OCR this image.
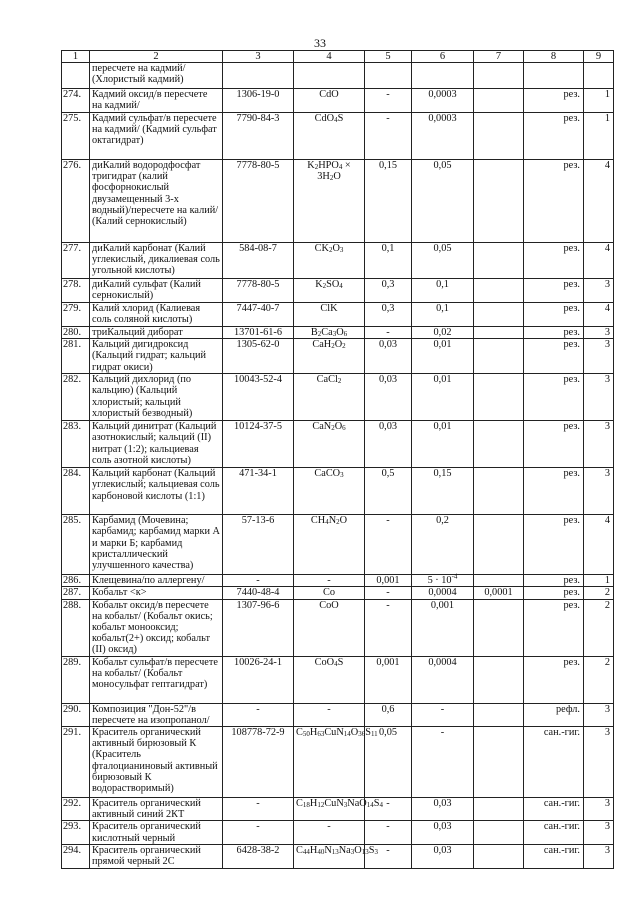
33
1	2	3	4	5	6	7	8	9
	пересчете на кадмий/ (Хлористый кадмий)							
274.	Кадмий оксид/в пересчете на кадмий/	1306-19-0	CdO	-	0,0003		рез.	1
275.	Кадмий сульфат/в пересчете на кадмий/ (Кадмий сульфат октагидрат)	7790-84-3	CdO$_4$S	-	0,0003		рез.	1
276.	диКалий водородфосфат тригидрат (калий фосфорнокислый двузамещенный 3-х водный)/пересчете на калий/ (Калий сернокислый)	7778-80-5	$K_2HPO_4 \times 3H_2O$	0,15	0,05		рез.	4
277.	диКалий карбонат (Калий углекислый, дикалиевая соль угольной кислоты)	584-08-7	$CK_2O_3$	0,1	0,05		рез.	4
278.	диКалий сульфат (Калий сернокислый)	7778-80-5	$K_2SO_4$	0,3	0,1		рез.	3
279.	Калий хлорид (Калиевая соль соляной кислоты)	7447-40-7	ClK	0,3	0,1		рез.	4
280.	триКальций диборат	13701-61-6	$B_2Ca_3O_6$	-	0,02		рез.	3
281.	Кальций дигидроксид (Кальций гидрат; кальций гидрат окиси)	1305-62-0	$CaH_2O_2$	0,03	0,01		рез.	3
282.	Кальций дихлорид (по кальцию) (Кальций хлористый; кальций хлористый безводный)	10043-52-4	CaCl$_2$	0,03	0,01		рез.	3
283.	Кальций динитрат (Кальций азотнокислый; кальций (II) нитрат (1:2); кальциевая соль азотной кислоты)	10124-37-5	$CaN_2O_6$	0,03	0,01		рез.	3
284.	Кальций карбонат (Кальций углекислый; кальциевая соль карбоновой кислоты (1:1)	471-34-1	CaCO$_3$	0,5	0,15		рез.	3
285.	Карбамид (Мочевина; карбамид; карбамид марки А и марки Б; карбамид кристаллический улучшенного качества)	57-13-6	$CH_4N_2O$	-	0,2		рез.	4
286.	Клещевина/по аллергену/	-	-	0,001	$5 \cdot 10^{-4}$		рез.	1
287.	Кобальт <к>	7440-48-4	Co	-	0,0004	0,0001	рез.	2
288.	Кобальт оксид/в пересчете на кобальт/ (Кобальт окись; кобальт монооксид; кобальт(2+) оксид; кобальт (II) оксид)	1307-96-6	CoO	-	0,001		рез.	2
289.	Кобальт сульфат/в пересчете на кобальт/ (Кобальт моносульфат гептагидрат)	10026-24-1	CoO$_4$S	0,001	0,0004		рез.	2
290.	Композиция "Дон-52"/в пересчете на изопропанол/	-	-	0,6	-		рефл.	3
291.	Краситель органический активный бирюзовый К (Краситель фталоцианиновый активный бирюзовый К водорастворимый)	108778-72-9	$C_{50}H_{63}CuN_{14}O_{36}S_{11}$	0,05	-		сан.-гиг.	3
292.	Краситель органический активный синий 2КТ	-	$C_{18}H_{12}CuN_3NaO_{14}S_4$	-	0,03		сан.-гиг.	3
293.	Краситель органический кислотный черный	-	-	-	0,03		сан.-гиг.	3
294.	Краситель органический прямой черный 2С	6428-38-2	$C_{44}H_{40}N_{13}Na_3O_{13}S_3$	-	0,03		сан.-гиг.	3
